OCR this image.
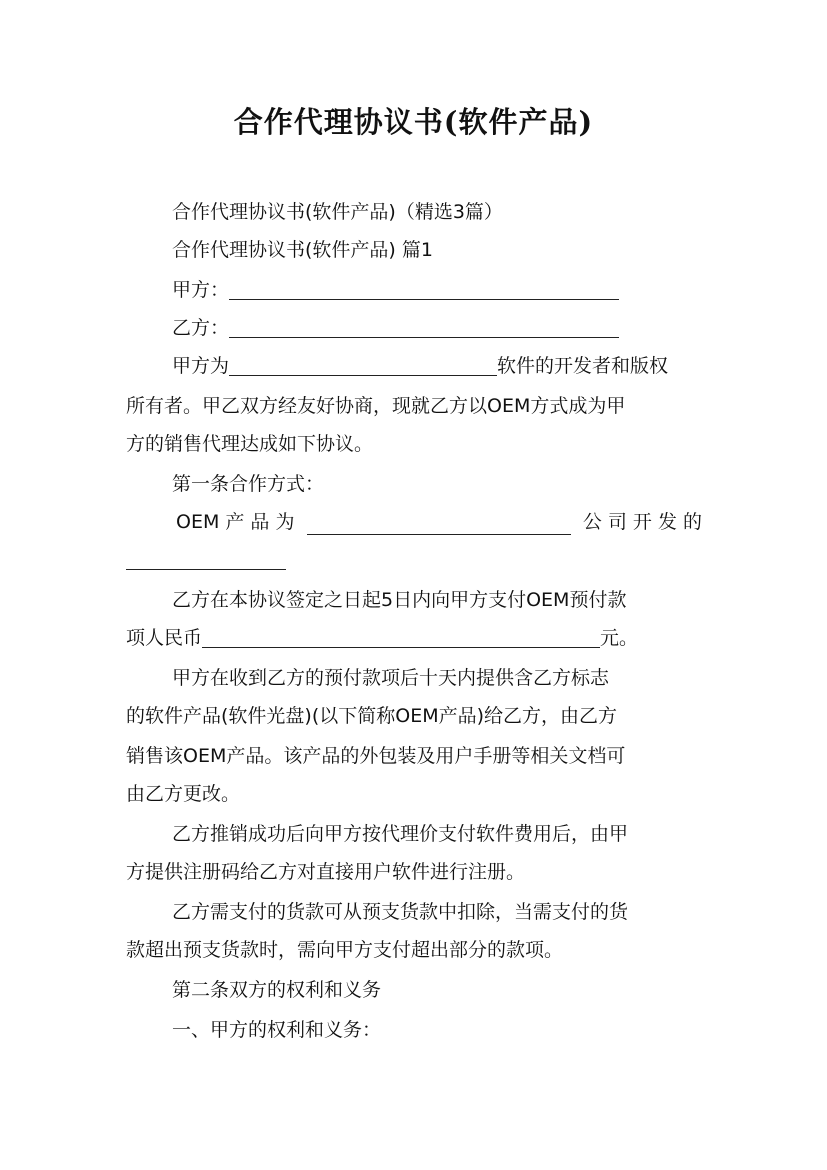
合作代理协议书(软件产品)
合作代理协议书(软件产品)（精选3篇）
合作代理协议书(软件产品) 篇1
甲方：
乙方：
甲方为	软件的开发者和版权
所有者。甲乙双方经友好协商，现就乙方以OEM方式成为甲
方的销售代理达成如下协议。
第一条合作方式：
OEM 产 品 为	公 司 开 发 的
乙方在本协议签定之日起5日内向甲方支付OEM预付款
项人民币	元。
甲方在收到乙方的预付款项后十天内提供含乙方标志
的软件产品(软件光盘)(以下简称OEM产品)给乙方，由乙方
销售该OEM产品。该产品的外包装及用户手册等相关文档可
由乙方更改。
乙方推销成功后向甲方按代理价支付软件费用后，由甲
方提供注册码给乙方对直接用户软件进行注册。
乙方需支付的货款可从预支货款中扣除，当需支付的货
款超出预支货款时，需向甲方支付超出部分的款项。
第二条双方的权利和义务
一、甲方的权利和义务：
